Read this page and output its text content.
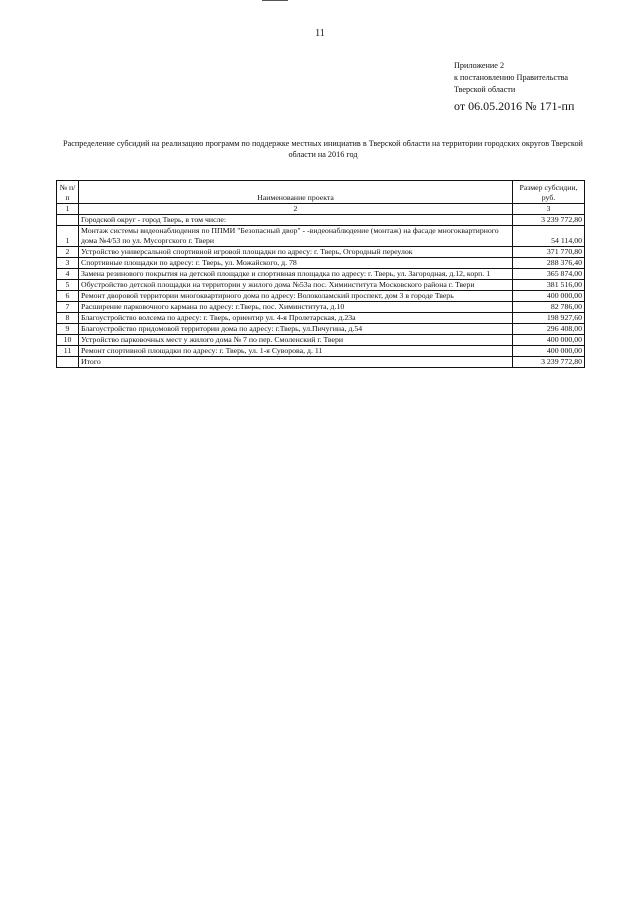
11
Приложение 2
к постановлению Правительства
Тверской области
от 06.05.2016 № 171-пп
Распределение субсидий на реализацию программ по поддержке местных инициатив в Тверской области на территории городских округов Тверской области на 2016 год
№ п/п	Наименование проекта	Размер субсидии, руб.
1	2	3
	Городской округ - город Тверь, в том числе:	3 239 772,80
1	Монтаж системы видеонаблюдения по ППМИ "Безопасный двор" - -видеонаблюдение (монтаж) на фасаде многоквартирного дома №4/53 по ул. Мусоргского г. Твери	54 114,00
2	Устройство универсальной спортивной игровой площадки по адресу: г. Тверь, Огородный переулок	371 770,80
3	Спортивные площадки по адресу: г. Тверь, ул. Можайского, д. 78	288 376,40
4	Замена резинового покрытия на детской площадке и спортивная площадка по адресу: г. Тверь, ул. Загородная, д.12, корп. 1	365 874,00
5	Обустройство детской площадки на территории у жилого дома №53а пос. Химинститута Московского района г. Твери	381 516,00
6	Ремонт дворовой территории многоквартирного дома по адресу: Волоколамский проспект, дом 3 в городе Тверь	400 000,00
7	Расширение парковочного кармана по адресу: г.Тверь, пос. Химинститута, д.10	82 786,00
8	Благоустройство волсема по адресу: г. Тверь, ориентир ул. 4-я Пролетарская, д.23а	198 927,60
9	Благоустройство придомовой территории дома по адресу: г.Тверь, ул.Пичугина, д.54	296 408,00
10	Устройство парковочных мест у жилого дома № 7 по пер. Смоленский г. Твери	400 000,00
11	Ремонт спортивной площадки по адресу: г. Тверь, ул. 1-я Суворова, д. 11	400 000,00
	Итого	3 239 772,80
